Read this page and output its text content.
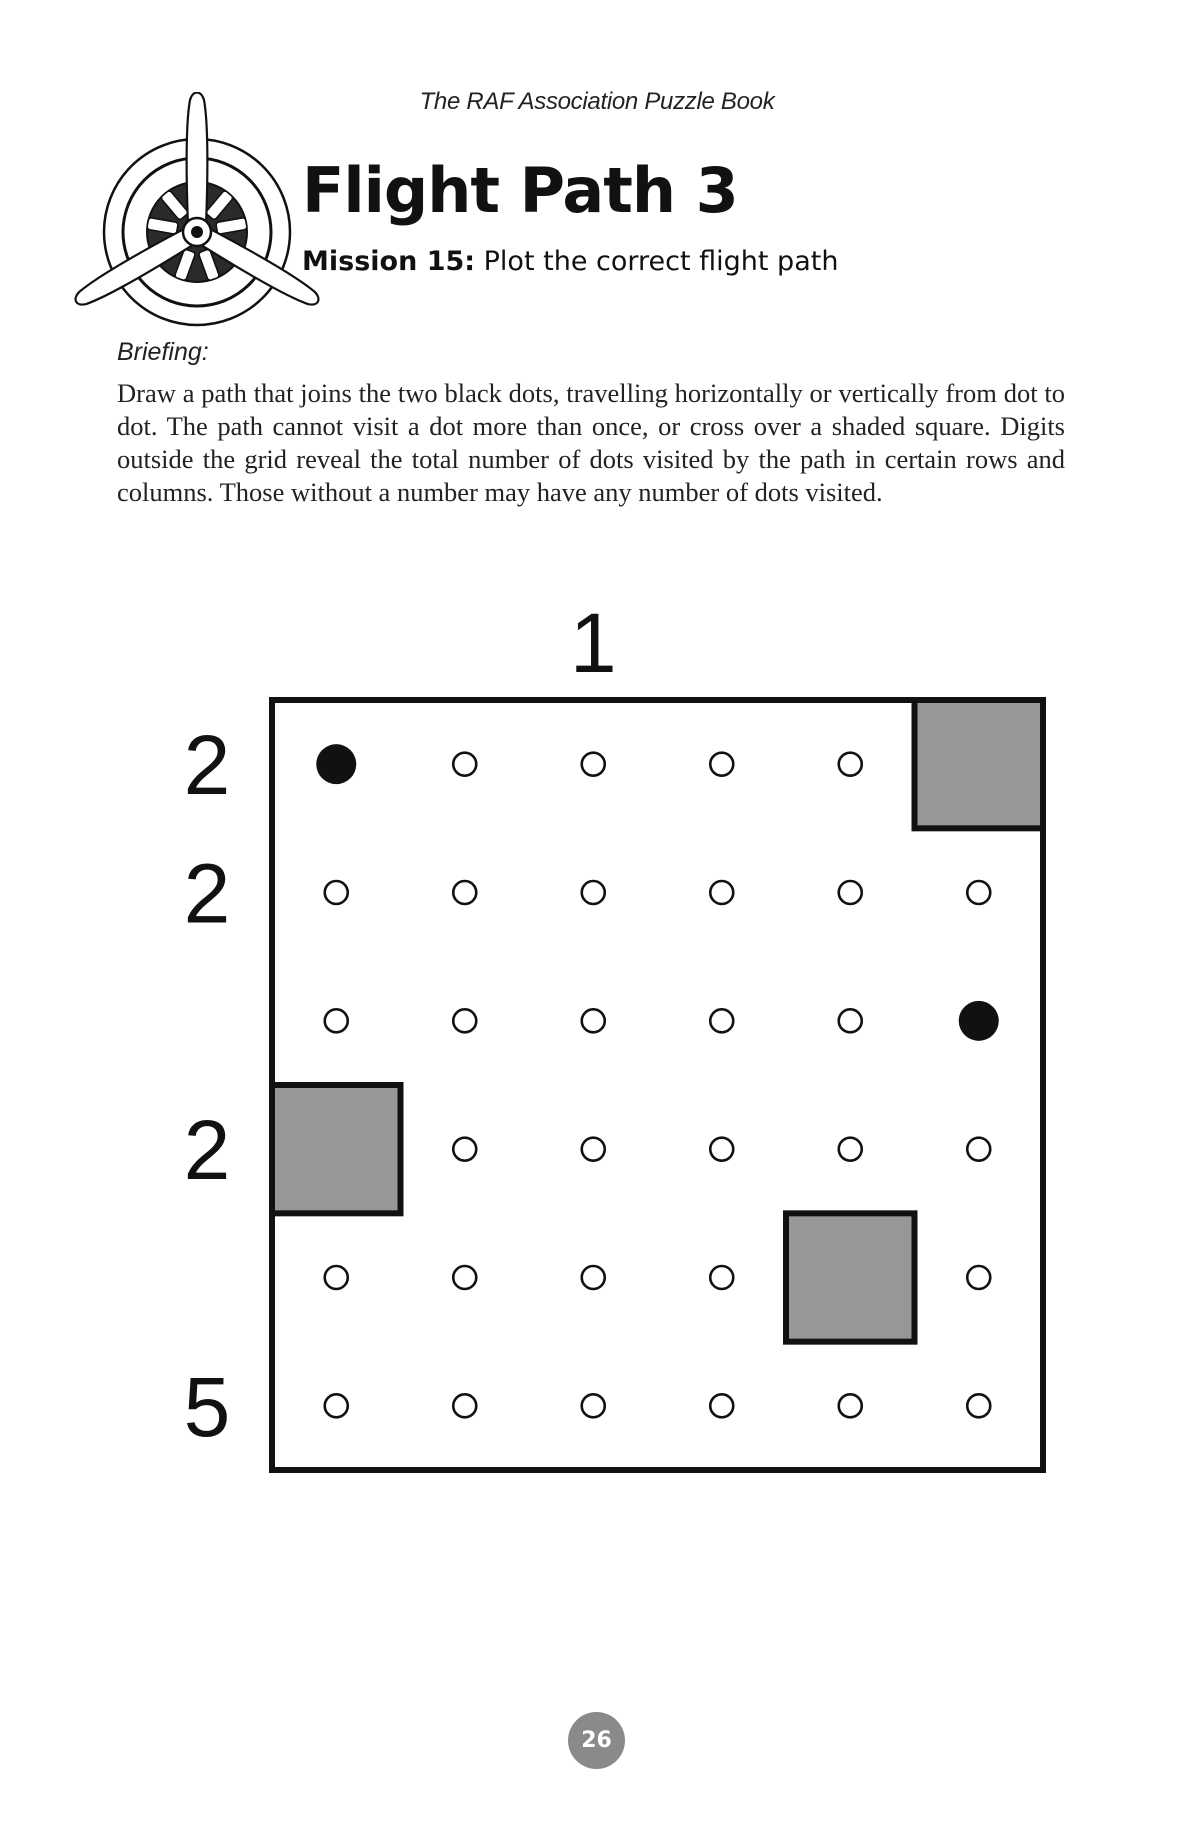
The RAF Association Puzzle Book
Flight Path 3
Mission 15: Plot the correct flight path
Briefing:

Draw a path that joins the two black dots, travelling horizontally or vertically from dot to dot. The path cannot visit a dot more than once, or cross over a shaded square. Digits outside the grid reveal the total number of dots visited by the path in certain rows and columns. Those without a number may have any number of dots visited.

1
2
2
2
5
26
